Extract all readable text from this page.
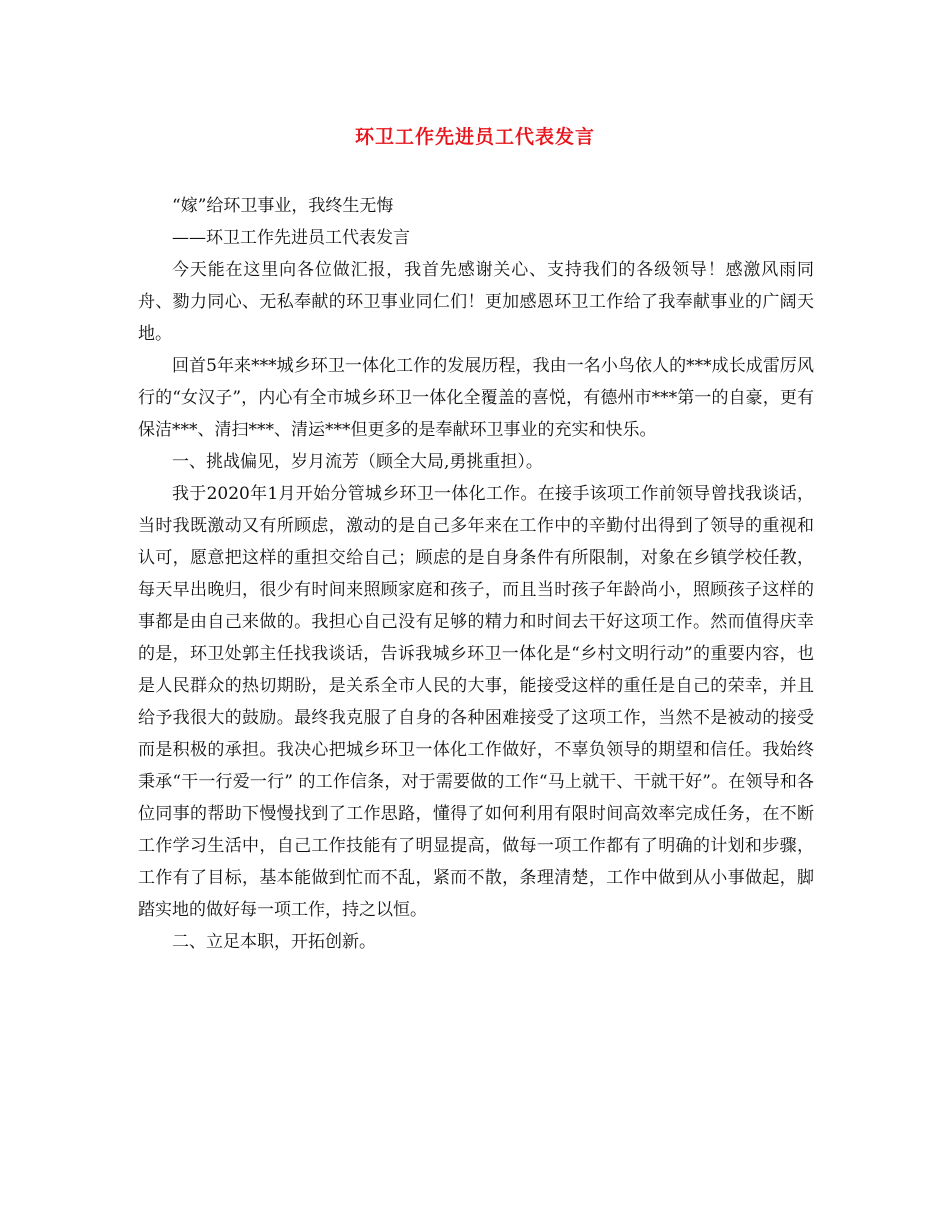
环卫工作先进员工代表发言

“嫁”给环卫事业，我终生无悔

——环卫工作先进员工代表发言

今天能在这里向各位做汇报，我首先感谢关心、支持我们的各级领导！感激风雨同舟、勠力同心、无私奉献的环卫事业同仁们！更加感恩环卫工作给了我奉献事业的广阔天地。

回首5年来***城乡环卫一体化工作的发展历程，我由一名小鸟依人的***成长成雷厉风行的“女汉子”，内心有全市城乡环卫一体化全覆盖的喜悦，有德州市***第一的自豪，更有保洁***、清扫***、清运***但更多的是奉献环卫事业的充实和快乐。

一、挑战偏见，岁月流芳（顾全大局,勇挑重担）。

我于2020年1月开始分管城乡环卫一体化工作。在接手该项工作前领导曾找我谈话，当时我既激动又有所顾虑，激动的是自己多年来在工作中的辛勤付出得到了领导的重视和认可，愿意把这样的重担交给自己；顾虑的是自身条件有所限制，对象在乡镇学校任教，每天早出晚归，很少有时间来照顾家庭和孩子，而且当时孩子年龄尚小，照顾孩子这样的事都是由自己来做的。我担心自己没有足够的精力和时间去干好这项工作。然而值得庆幸的是，环卫处郭主任找我谈话，告诉我城乡环卫一体化是“乡村文明行动”的重要内容，也是人民群众的热切期盼，是关系全市人民的大事，能接受这样的重任是自己的荣幸，并且给予我很大的鼓励。最终我克服了自身的各种困难接受了这项工作，当然不是被动的接受而是积极的承担。我决心把城乡环卫一体化工作做好，不辜负领导的期望和信任。我始终秉承“干一行爱一行” 的工作信条，对于需要做的工作“马上就干、干就干好”。在领导和各位同事的帮助下慢慢找到了工作思路，懂得了如何利用有限时间高效率完成任务，在不断工作学习生活中，自己工作技能有了明显提高，做每一项工作都有了明确的计划和步骤，工作有了目标，基本能做到忙而不乱，紧而不散，条理清楚，工作中做到从小事做起，脚踏实地的做好每一项工作，持之以恒。

二、立足本职，开拓创新。
